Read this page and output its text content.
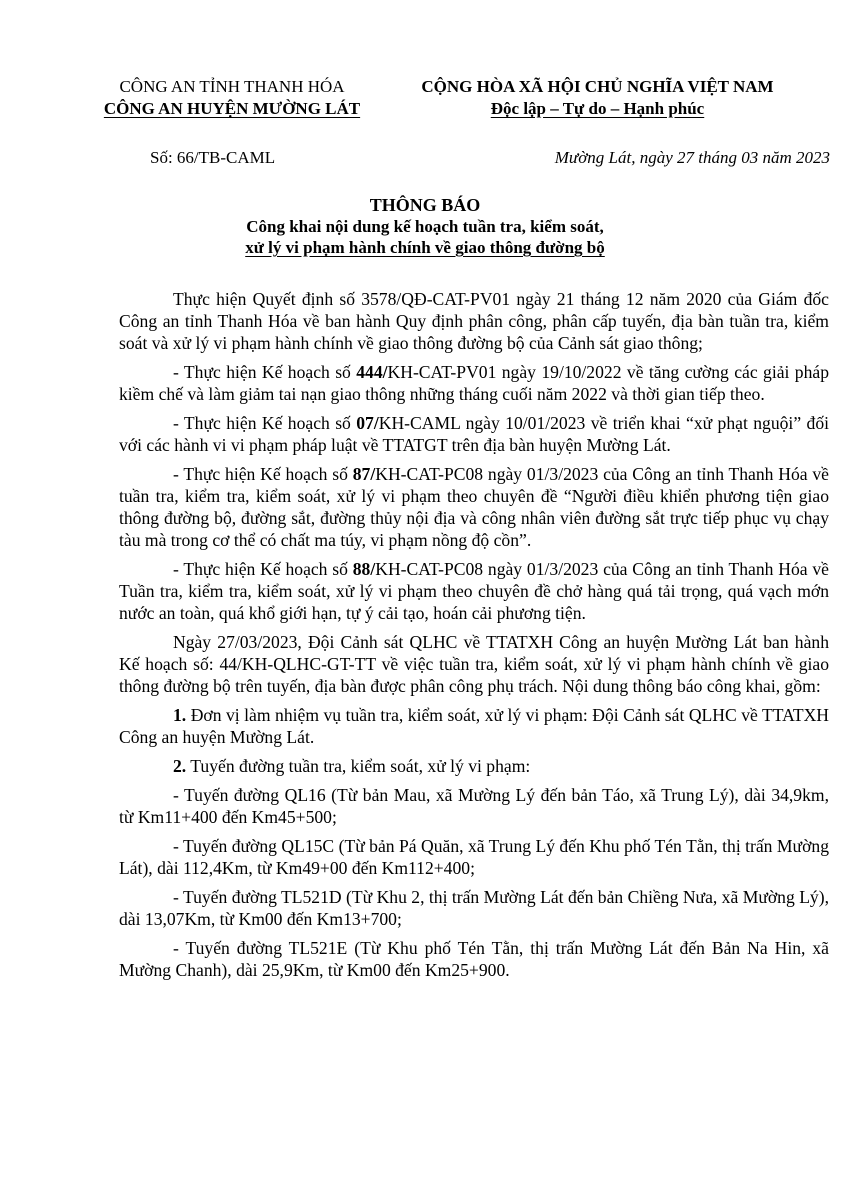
CÔNG AN TỈNH THANH HÓA
CÔNG AN HUYỆN MƯỜNG LÁT
CỘNG HÒA XÃ HỘI CHỦ NGHĨA VIỆT NAM
Độc lập – Tự do – Hạnh phúc
Số: 66/TB-CAML	Mường Lát, ngày 27 tháng 03 năm 2023
THÔNG BÁO
Công khai nội dung kế hoạch tuần tra, kiểm soát,
xử lý vi phạm hành chính về giao thông đường bộ

Thực hiện Quyết định số 3578/QĐ-CAT-PV01 ngày 21 tháng 12 năm 2020 của Giám đốc Công an tỉnh Thanh Hóa về ban hành Quy định phân công, phân cấp tuyến, địa bàn tuần tra, kiểm soát và xử lý vi phạm hành chính về giao thông đường bộ của Cảnh sát giao thông;

- Thực hiện Kế hoạch số 444/KH-CAT-PV01 ngày 19/10/2022 về tăng cường các giải pháp kiềm chế và làm giảm tai nạn giao thông những tháng cuối năm 2022 và thời gian tiếp theo.

- Thực hiện Kế hoạch số 07/KH-CAML ngày 10/01/2023 về triển khai “xử phạt nguội” đối với các hành vi vi phạm pháp luật về TTATGT trên địa bàn huyện Mường Lát.

- Thực hiện Kế hoạch số 87/KH-CAT-PC08 ngày 01/3/2023 của Công an tỉnh Thanh Hóa về tuần tra, kiểm tra, kiểm soát, xử lý vi phạm theo chuyên đề “Người điều khiển phương tiện giao thông đường bộ, đường sắt, đường thủy nội địa và công nhân viên đường sắt trực tiếp phục vụ chạy tàu mà trong cơ thể có chất ma túy, vi phạm nồng độ cồn”.

- Thực hiện Kế hoạch số 88/KH-CAT-PC08 ngày 01/3/2023 của Công an tỉnh Thanh Hóa về Tuần tra, kiểm tra, kiểm soát, xử lý vi phạm theo chuyên đề chở hàng quá tải trọng, quá vạch mớn nước an toàn, quá khổ giới hạn, tự ý cải tạo, hoán cải phương tiện.

Ngày 27/03/2023, Đội Cảnh sát QLHC về TTATXH Công an huyện Mường Lát ban hành Kế hoạch số: 44/KH-QLHC-GT-TT về việc tuần tra, kiểm soát, xử lý vi phạm hành chính về giao thông đường bộ trên tuyến, địa bàn được phân công phụ trách. Nội dung thông báo công khai, gồm:

1. Đơn vị làm nhiệm vụ tuần tra, kiểm soát, xử lý vi phạm: Đội Cảnh sát QLHC về TTATXH Công an huyện Mường Lát.

2. Tuyến đường tuần tra, kiểm soát, xử lý vi phạm:

- Tuyến đường QL16 (Từ bản Mau, xã Mường Lý đến bản Táo, xã Trung Lý), dài 34,9km, từ Km11+400 đến Km45+500;

- Tuyến đường QL15C (Từ bản Pá Quăn, xã Trung Lý đến Khu phố Tén Tằn, thị trấn Mường Lát), dài 112,4Km, từ Km49+00 đến Km112+400;

- Tuyến đường TL521D (Từ Khu 2, thị trấn Mường Lát đến bản Chiềng Nưa, xã Mường Lý), dài 13,07Km, từ Km00 đến Km13+700;

- Tuyến đường TL521E (Từ Khu phố Tén Tằn, thị trấn Mường Lát đến Bản Na Hin, xã Mường Chanh), dài 25,9Km, từ Km00 đến Km25+900.
